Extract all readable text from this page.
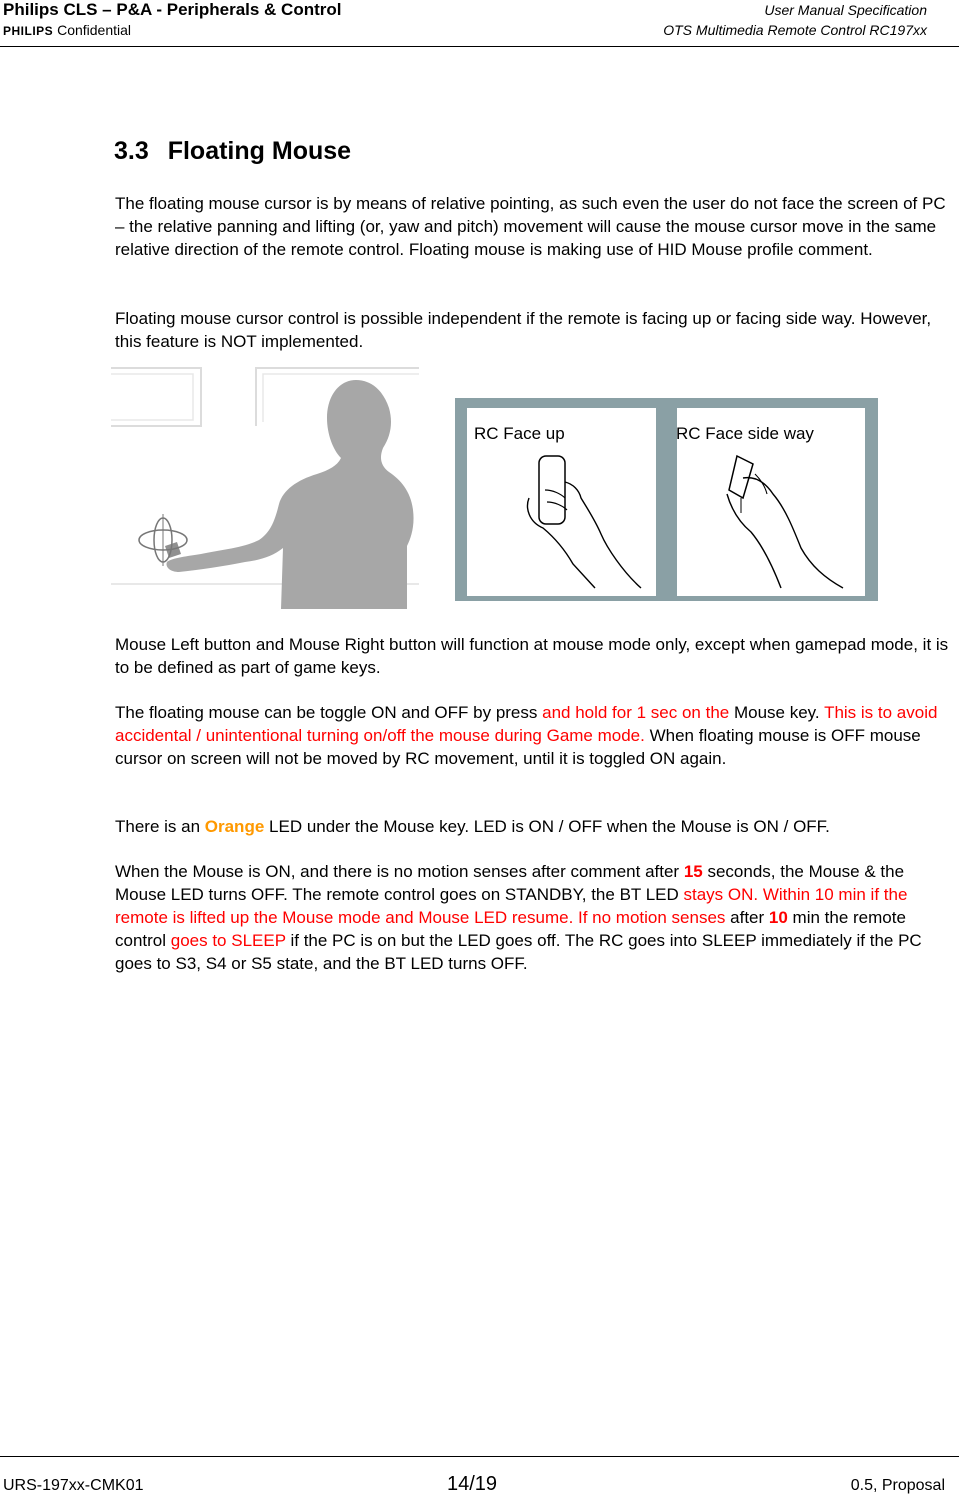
Philips CLS – P&A - Peripherals & Control
PHILIPS Confidential
User Manual Specification
OTS Multimedia Remote Control RC197xx
3.3 Floating Mouse
The floating mouse cursor is by means of relative pointing, as such even the user do not face the screen of PC – the relative panning and lifting (or, yaw and pitch) movement will cause the mouse cursor move in the same relative direction of the remote control. Floating mouse is making use of HID Mouse profile comment.
Floating mouse cursor control is possible independent if the remote is facing up or facing side way. However, this feature is NOT implemented.
RC Face up	RC Face side way
Mouse Left button and Mouse Right button will function at mouse mode only, except when gamepad mode, it is to be defined as part of game keys.
The floating mouse can be toggle ON and OFF by press and hold for 1 sec on the Mouse key. This is to avoid accidental / unintentional turning on/off the mouse during Game mode. When floating mouse is OFF mouse cursor on screen will not be moved by RC movement, until it is toggled ON again.
There is an Orange LED under the Mouse key. LED is ON / OFF when the Mouse is ON / OFF.
When the Mouse is ON, and there is no motion senses after comment after 15 seconds, the Mouse & the Mouse LED turns OFF. The remote control goes on STANDBY, the BT LED stays ON. Within 10 min if the remote is lifted up the Mouse mode and Mouse LED resume. If no motion senses after 10 min the remote control goes to SLEEP if the PC is on but the LED goes off. The RC goes into SLEEP immediately if the PC goes to S3, S4 or S5 state, and the BT LED turns OFF.
URS-197xx-CMK01	14/19	0.5, Proposal
